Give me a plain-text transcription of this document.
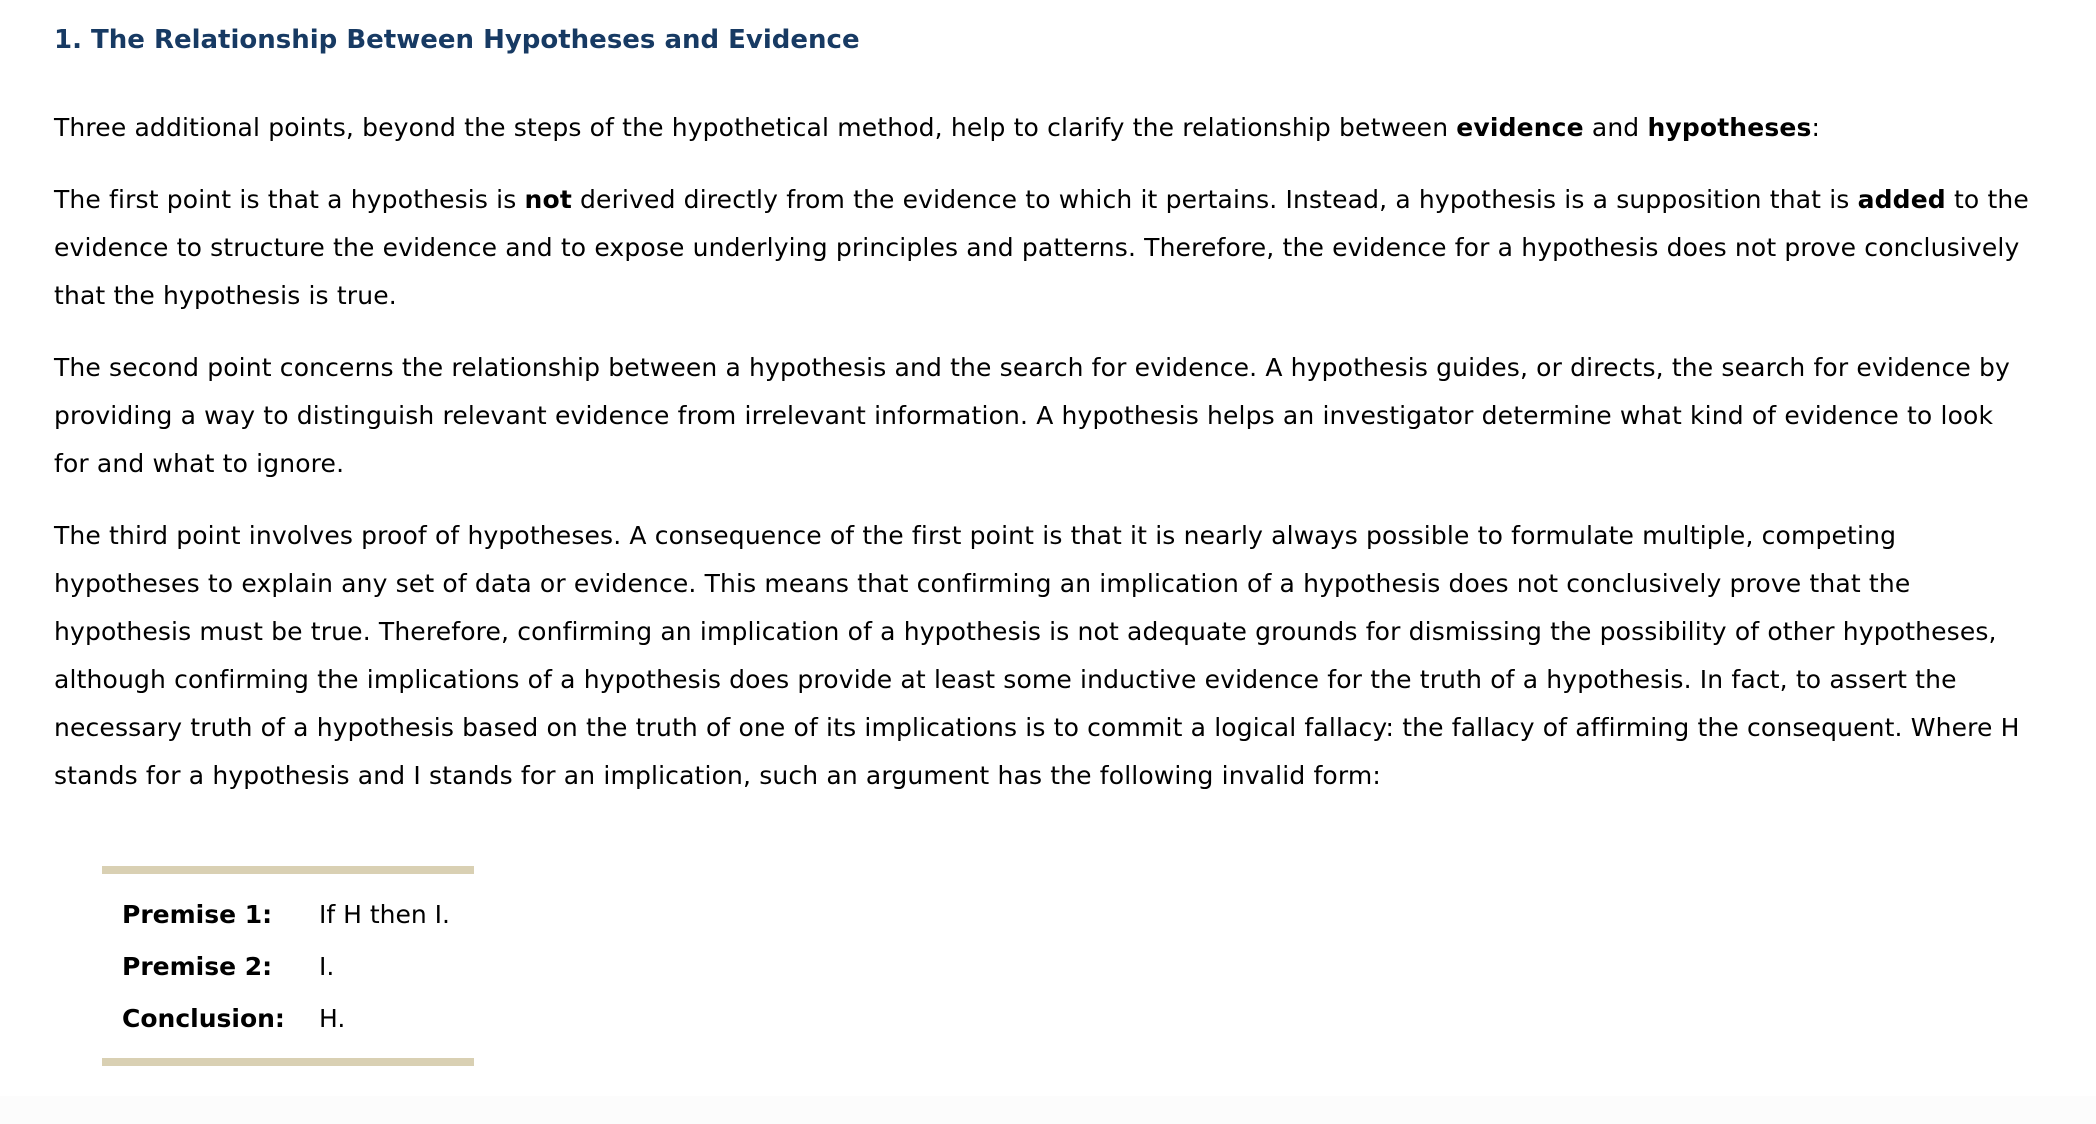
1. The Relationship Between Hypotheses and Evidence

Three additional points, beyond the steps of the hypothetical method, help to clarify the relationship between evidence and hypotheses:

The first point is that a hypothesis is not derived directly from the evidence to which it pertains. Instead, a hypothesis is a supposition that is added to the evidence to structure the evidence and to expose underlying principles and patterns. Therefore, the evidence for a hypothesis does not prove conclusively that the hypothesis is true.

The second point concerns the relationship between a hypothesis and the search for evidence. A hypothesis guides, or directs, the search for evidence by providing a way to distinguish relevant evidence from irrelevant information. A hypothesis helps an investigator determine what kind of evidence to look for and what to ignore.

The third point involves proof of hypotheses. A consequence of the first point is that it is nearly always possible to formulate multiple, competing hypotheses to explain any set of data or evidence. This means that confirming an implication of a hypothesis does not conclusively prove that the hypothesis must be true. Therefore, confirming an implication of a hypothesis is not adequate grounds for dismissing the possibility of other hypotheses, although confirming the implications of a hypothesis does provide at least some inductive evidence for the truth of a hypothesis. In fact, to assert the necessary truth of a hypothesis based on the truth of one of its implications is to commit a logical fallacy: the fallacy of affirming the consequent. Where H stands for a hypothesis and I stands for an implication, such an argument has the following invalid form:

Premise 1:	If H then I.
Premise 2:	I.
Conclusion:	H.
